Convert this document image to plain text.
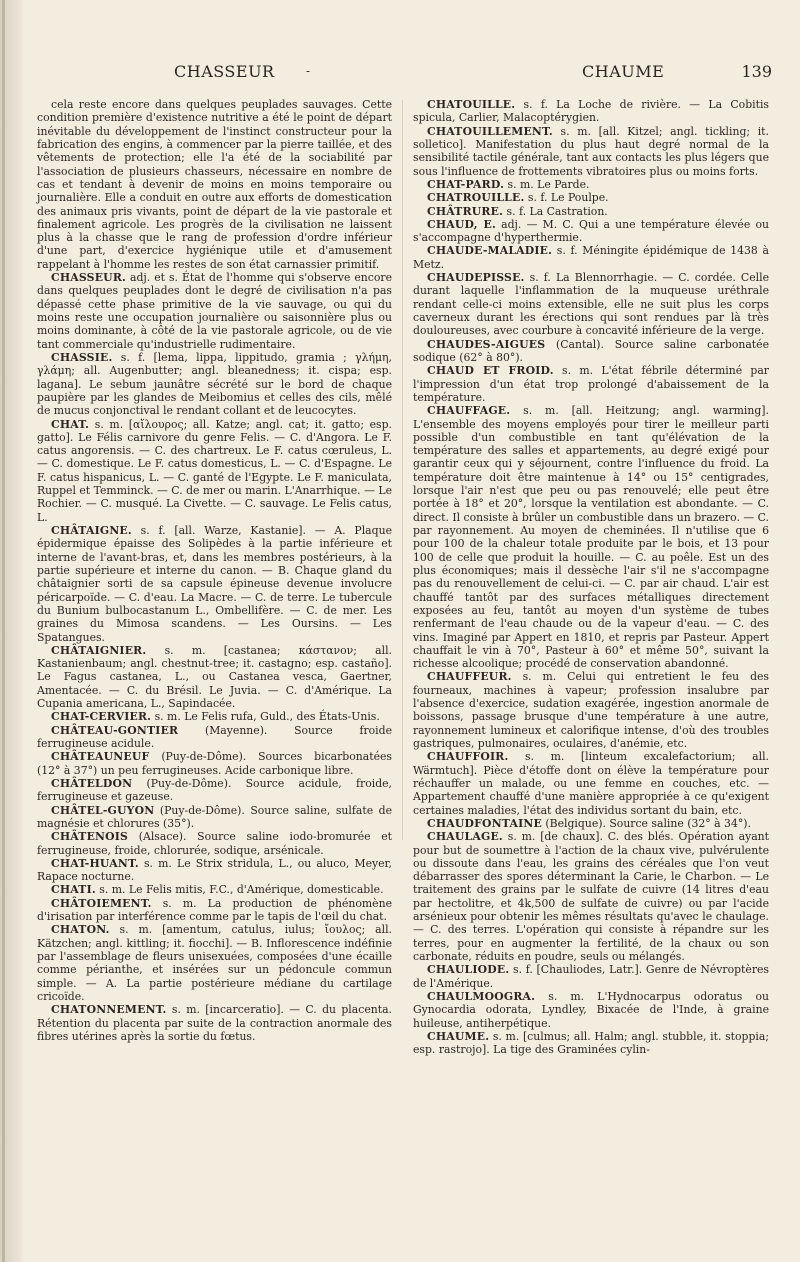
CHASSEUR	-	CHAUME	139

cela reste encore dans quelques peuplades sauvages. Cette condition première d'existence nutritive a été le point de départ inévitable du développement de l'instinct constructeur pour la fabrication des engins, à commencer par la pierre taillée, et des vêtements de protection; elle l'a été de la sociabilité par l'association de plusieurs chasseurs, nécessaire en nombre de cas et tendant à devenir de moins en moins temporaire ou journalière. Elle a conduit en outre aux efforts de domestication des animaux pris vivants, point de départ de la vie pastorale et finalement agricole. Les progrès de la civilisation ne laissent plus à la chasse que le rang de profession d'ordre inférieur d'une part, d'exercice hygiénique utile et d'amusement rappelant à l'homme les restes de son état carnassier primitif.

CHASSEUR. adj. et s. État de l'homme qui s'observe encore dans quelques peuplades dont le degré de civilisation n'a pas dépassé cette phase primitive de la vie sauvage, ou qui du moins reste une occupation journalière ou saisonnière plus ou moins dominante, à côté de la vie pastorale agricole, ou de vie tant commerciale qu'industrielle rudimentaire.

CHASSIE. s. f. [lema, lippa, lippitudo, gramia ; γλήμη, γλάμη; all. Augenbutter; angl. bleanedness; it. cispa; esp. lagana]. Le sebum jaunâtre sécrété sur le bord de chaque paupière par les glandes de Meibomius et celles des cils, mêlé de mucus conjonctival le rendant collant et de leucocytes.

CHAT. s. m. [αἴλουρος; all. Katze; angl. cat; it. gatto; esp. gatto]. Le Félis carnivore du genre Felis. — C. d'Angora. Le F. catus angorensis. — C. des chartreux. Le F. catus cœruleus, L. — C. domestique. Le F. catus domesticus, L. — C. d'Espagne. Le F. catus hispanicus, L. — C. ganté de l'Egypte. Le F. maniculata, Ruppel et Temminck. — C. de mer ou marin. L'Anarrhique. — Le Rochier. — C. musqué. La Civette. — C. sauvage. Le Felis catus, L.

CHÂTAIGNE. s. f. [all. Warze, Kastanie]. — A. Plaque épidermique épaisse des Solipèdes à la partie inférieure et interne de l'avant-bras, et, dans les membres postérieurs, à la partie supérieure et interne du canon. — B. Chaque gland du châtaignier sorti de sa capsule épineuse devenue involucre péricarpoïde. — C. d'eau. La Macre. — C. de terre. Le tubercule du Bunium bulbocastanum L., Ombellifère. — C. de mer. Les graines du Mimosa scandens. — Les Oursins. — Les Spatangues.

CHÂTAIGNIER. s. m. [castanea; κάστανον; all. Kastanienbaum; angl. chestnut-tree; it. castagno; esp. castaño]. Le Fagus castanea, L., ou Castanea vesca, Gaertner, Amentacée. — C. du Brésil. Le Juvia. — C. d'Amérique. La Cupania americana, L., Sapindacée.

CHAT-CERVIER. s. m. Le Felis rufa, Guld., des États-Unis.

CHÂTEAU-GONTIER (Mayenne). Source froide ferrugineuse acidule.

CHÂTEAUNEUF (Puy-de-Dôme). Sources bicarbonatées (12° à 37°) un peu ferrugineuses. Acide carbonique libre.

CHÂTELDON (Puy-de-Dôme). Source acidule, froide, ferrugineuse et gazeuse.

CHÂTEL-GUYON (Puy-de-Dôme). Source saline, sulfate de magnésie et chlorures (35°).

CHÂTENOIS (Alsace). Source saline iodo-bromurée et ferrugineuse, froide, chlorurée, sodique, arsénicale.

CHAT-HUANT. s. m. Le Strix stridula, L., ou aluco, Meyer, Rapace nocturne.

CHATI. s. m. Le Felis mitis, F.C., d'Amérique, domesticable.

CHÂTOIEMENT. s. m. La production de phénomène d'irisation par interférence comme par le tapis de l'œil du chat.

CHATON. s. m. [amentum, catulus, iulus; ἴουλος; all. Kätzchen; angl. kittling; it. fiocchi]. — B. Inflorescence indéfinie par l'assemblage de fleurs unisexuées, composées d'une écaille comme périanthe, et insérées sur un pédoncule commun simple. — A. La partie postérieure médiane du cartilage cricoïde.

CHATONNEMENT. s. m. [incarceratio]. — C. du placenta. Rétention du placenta par suite de la contraction anormale des fibres utérines après la sortie du fœtus.

CHATOUILLE. s. f. La Loche de rivière. — La Cobitis spicula, Carlier, Malacoptérygien.

CHATOUILLEMENT. s. m. [all. Kitzel; angl. tickling; it. solletico]. Manifestation du plus haut degré normal de la sensibilité tactile générale, tant aux contacts les plus légers que sous l'influence de frottements vibratoires plus ou moins forts.

CHAT-PARD. s. m. Le Parde.

CHATROUILLE. s. f. Le Poulpe.

CHÂTRURE. s. f. La Castration.

CHAUD, E. adj. — M. C. Qui a une température élevée ou s'accompagne d'hyperthermie.

CHAUDE-MALADIE. s. f. Méningite épidémique de 1438 à Metz.

CHAUDEPISSE. s. f. La Blennorrhagie. — C. cordée. Celle durant laquelle l'inflammation de la muqueuse uréthrale rendant celle-ci moins extensible, elle ne suit plus les corps caverneux durant les érections qui sont rendues par là très douloureuses, avec courbure à concavité inférieure de la verge.

CHAUDES-AIGUES (Cantal). Source saline carbonatée sodique (62° à 80°).

CHAUD ET FROID. s. m. L'état fébrile déterminé par l'impression d'un état trop prolongé d'abaissement de la température.

CHAUFFAGE. s. m. [all. Heitzung; angl. warming]. L'ensemble des moyens employés pour tirer le meilleur parti possible d'un combustible en tant qu'élévation de la température des salles et appartements, au degré exigé pour garantir ceux qui y séjournent, contre l'influence du froid. La température doit être maintenue à 14° ou 15° centigrades, lorsque l'air n'est que peu ou pas renouvelé; elle peut être portée à 18° et 20°, lorsque la ventilation est abondante. — C. direct. Il consiste à brûler un combustible dans un brazero. — C. par rayonnement. Au moyen de cheminées. Il n'utilise que 6 pour 100 de la chaleur totale produite par le bois, et 13 pour 100 de celle que produit la houille. — C. au poêle. Est un des plus économiques; mais il dessèche l'air s'il ne s'accompagne pas du renouvellement de celui-ci. — C. par air chaud. L'air est chauffé tantôt par des surfaces métalliques directement exposées au feu, tantôt au moyen d'un système de tubes renfermant de l'eau chaude ou de la vapeur d'eau. — C. des vins. Imaginé par Appert en 1810, et repris par Pasteur. Appert chauffait le vin à 70°, Pasteur à 60° et même 50°, suivant la richesse alcoolique; procédé de conservation abandonné.

CHAUFFEUR. s. m. Celui qui entretient le feu des fourneaux, machines à vapeur; profession insalubre par l'absence d'exercice, sudation exagérée, ingestion anormale de boissons, passage brusque d'une température à une autre, rayonnement lumineux et calorifique intense, d'où des troubles gastriques, pulmonaires, oculaires, d'anémie, etc.

CHAUFFOIR. s. m. [linteum excalefactorium; all. Wärmtuch]. Pièce d'étoffe dont on élève la température pour réchauffer un malade, ou une femme en couches, etc. — Appartement chauffé d'une manière appropriée à ce qu'exigent certaines maladies, l'état des individus sortant du bain, etc.

CHAUDFONTAINE (Belgique). Source saline (32° à 34°).

CHAULAGE. s. m. [de chaux]. C. des blés. Opération ayant pour but de soumettre à l'action de la chaux vive, pulvérulente ou dissoute dans l'eau, les grains des céréales que l'on veut débarrasser des spores déterminant la Carie, le Charbon. — Le traitement des grains par le sulfate de cuivre (14 litres d'eau par hectolitre, et 4k,500 de sulfate de cuivre) ou par l'acide arsénieux pour obtenir les mêmes résultats qu'avec le chaulage. — C. des terres. L'opération qui consiste à répandre sur les terres, pour en augmenter la fertilité, de la chaux ou son carbonate, réduits en poudre, seuls ou mélangés.

CHAULIODE. s. f. [Chauliodes, Latr.]. Genre de Névroptères de l'Amérique.

CHAULMOOGRA. s. m. L'Hydnocarpus odoratus ou Gynocardia odorata, Lyndley, Bixacée de l'Inde, à graine huileuse, antiherpétique.

CHAUME. s. m. [culmus; all. Halm; angl. stubble, it. stoppia; esp. rastrojo]. La tige des Graminées cylin-
